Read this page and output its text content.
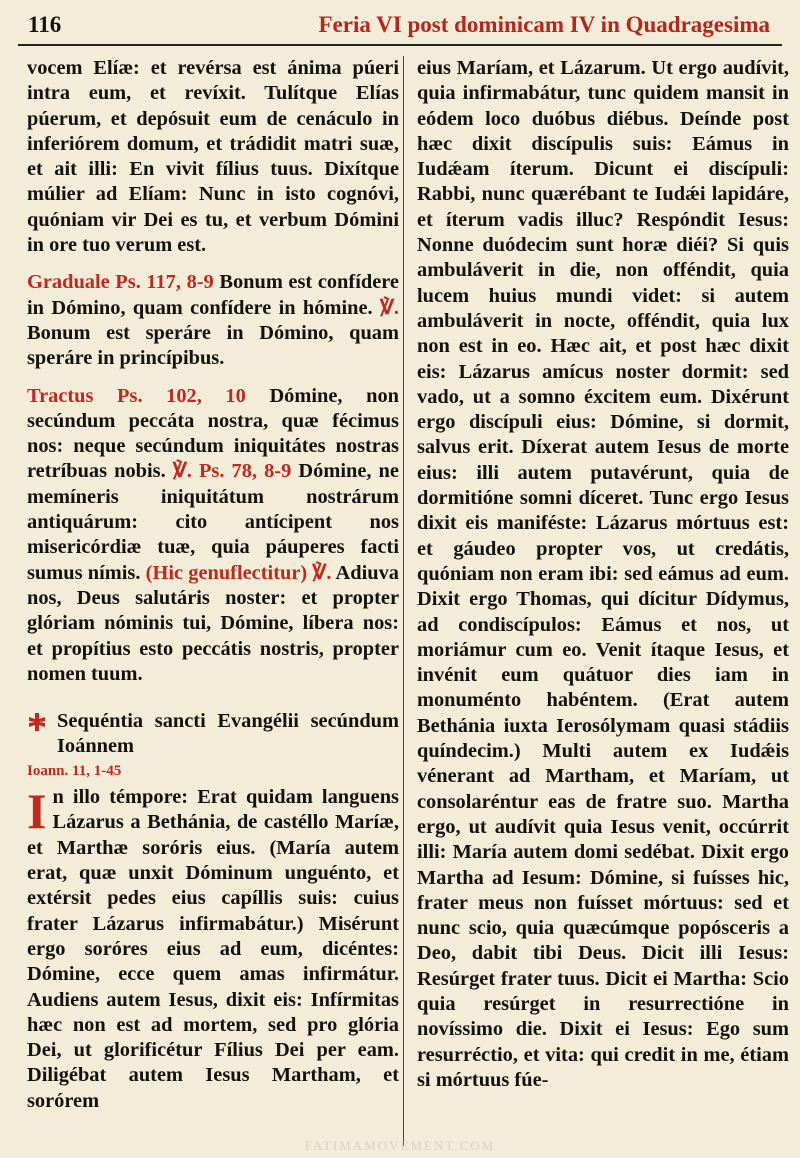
116	Feria VI post dominicam IV in Quadragesima

vocem Elíæ: et revérsa est ánima púeri intra eum, et revíxit. Tulítque Elías púerum, et depósuit eum de cenáculo in inferiórem domum, et trádidit matri suæ, et ait illi: En vivit fílius tuus. Dixítque múlier ad Elíam: Nunc in isto cognóvi, quóniam vir Dei es tu, et verbum Dómini in ore tuo verum est.

Graduale Ps. 117, 8-9 Bonum est confídere in Dómino, quam confídere in hómine. ℣. Bonum est speráre in Dómino, quam speráre in princípibus.

Tractus Ps. 102, 10 Dómine, non secúndum peccáta nostra, quæ fécimus nos: neque secúndum iniquitátes nostras retríbuas nobis. ℣. Ps. 78, 8-9 Dómine, ne memíneris iniquitátum nostrárum antiquárum: cito antícipent nos misericórdiæ tuæ, quia páuperes facti sumus nímis. (Hic genuflectitur) ℣. Adiuva nos, Deus salutáris noster: et propter glóriam nóminis tui, Dómine, líbera nos: et propítius esto peccátis nostris, propter nomen tuum.

Sequéntia sancti Evangélii secúndum Ioánnem
Ioann. 11, 1-45

In illo témpore: Erat quidam languens Lázarus a Bethánia, de castéllo Maríæ, et Marthæ soróris eius. (María autem erat, quæ unxit Dóminum unguénto, et extérsit pedes eius capíllis suis: cuius frater Lázarus infirmabátur.) Misérunt ergo soróres eius ad eum, dicéntes: Dómine, ecce quem amas infirmátur. Audiens autem Iesus, dixit eis: Infírmitas hæc non est ad mortem, sed pro glória Dei, ut glorificétur Fílius Dei per eam. Diligébat autem Iesus Martham, et sorórem

eius Maríam, et Lázarum. Ut ergo audívit, quia infirmabátur, tunc quidem mansit in eódem loco duóbus diébus. Deínde post hæc dixit discípulis suis: Eámus in Iudǽam íterum. Dicunt ei discípuli: Rabbi, nunc quærébant te Iudǽi lapidáre, et íterum vadis illuc? Respóndit Iesus: Nonne duódecim sunt horæ diéi? Si quis ambuláverit in die, non offéndit, quia lucem huius mundi videt: si autem ambuláverit in nocte, offéndit, quia lux non est in eo. Hæc ait, et post hæc dixit eis: Lázarus amícus noster dormit: sed vado, ut a somno éxcitem eum. Dixérunt ergo discípuli eius: Dómine, si dormit, salvus erit. Díxerat autem Iesus de morte eius: illi autem putavérunt, quia de dormitióne somni díceret. Tunc ergo Iesus dixit eis maniféste: Lázarus mórtuus est: et gáudeo propter vos, ut credátis, quóniam non eram ibi: sed eámus ad eum. Dixit ergo Thomas, qui dícitur Dídymus, ad condiscípulos: Eámus et nos, ut moriámur cum eo. Venit ítaque Iesus, et invénit eum quátuor dies iam in monuménto habéntem. (Erat autem Bethánia iuxta Ierosólymam quasi stádiis quíndecim.) Multi autem ex Iudǽis vénerant ad Martham, et Maríam, ut consolaréntur eas de fratre suo. Martha ergo, ut audívit quia Iesus venit, occúrrit illi: María autem domi sedébat. Dixit ergo Martha ad Iesum: Dómine, si fuísses hic, frater meus non fuísset mórtuus: sed et nunc scio, quia quæcúmque popósceris a Deo, dabit tibi Deus. Dicit illi Iesus: Resúrget frater tuus. Dicit ei Martha: Scio quia resúrget in resurrectióne in novíssimo die. Dixit ei Iesus: Ego sum resurréctio, et vita: qui credit in me, étiam si mórtuus fúe-

FATIMAMOVEMENT.COM
